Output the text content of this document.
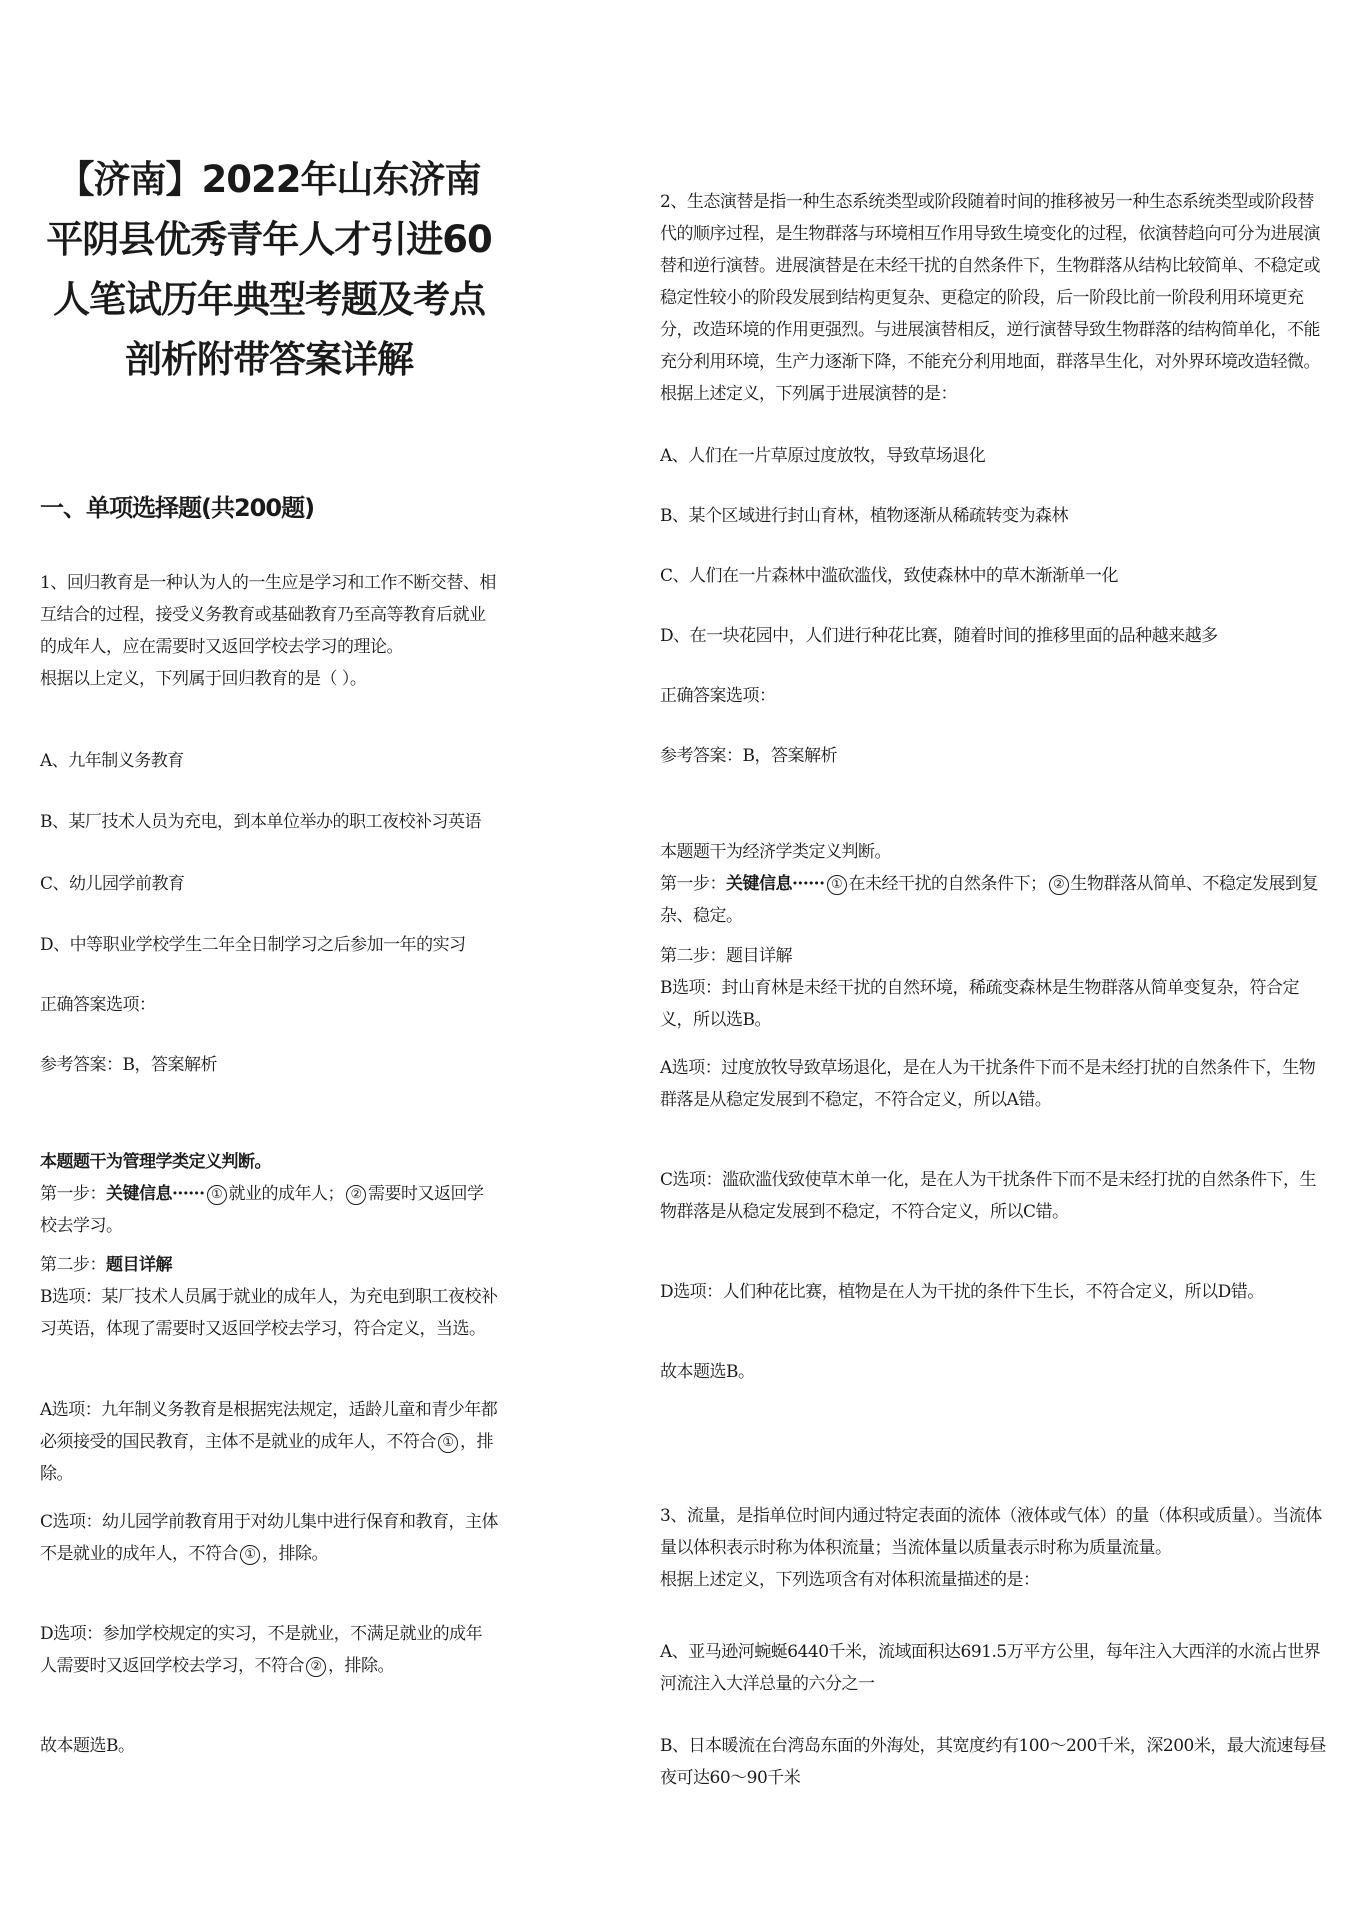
【济南】2022年山东济南平阴县优秀青年人才引进60人笔试历年典型考题及考点剖析附带答案详解
一、单项选择题(共200题)
1、回归教育是一种认为人的一生应是学习和工作不断交替、相互结合的过程，接受义务教育或基础教育乃至高等教育后就业的成年人，应在需要时又返回学校去学习的理论。
根据以上定义，下列属于回归教育的是（ ）。
A、九年制义务教育
B、某厂技术人员为充电，到本单位举办的职工夜校补习英语
C、幼儿园学前教育
D、中等职业学校学生二年全日制学习之后参加一年的实习
正确答案选项：
参考答案：B，答案解析
本题题干为管理学类定义判断。
第一步：关键信息······ ① 就业的成年人； ② 需要时又返回学校去学习。
第二步：题目详解
B选项：某厂技术人员属于就业的成年人，为充电到职工夜校补习英语，体现了需要时又返回学校去学习，符合定义，当选。
A选项：九年制义务教育是根据宪法规定，适龄儿童和青少年都必须接受的国民教育，主体不是就业的成年人，不符合 ① ，排除。
C选项：幼儿园学前教育用于对幼儿集中进行保育和教育，主体不是就业的成年人，不符合 ① ，排除。
D选项：参加学校规定的实习，不是就业，不满足就业的成年人需要时又返回学校去学习，不符合 ② ，排除。
故本题选B。
2、生态演替是指一种生态系统类型或阶段随着时间的推移被另一种生态系统类型或阶段替代的顺序过程，是生物群落与环境相互作用导致生境变化的过程，依演替趋向可分为进展演替和逆行演替。进展演替是在未经干扰的自然条件下，生物群落从结构比较简单、不稳定或稳定性较小的阶段发展到结构更复杂、更稳定的阶段，后一阶段比前一阶段利用环境更充分，改造环境的作用更强烈。与进展演替相反，逆行演替导致生物群落的结构简单化，不能充分利用环境，生产力逐渐下降，不能充分利用地面，群落旱生化，对外界环境改造轻微。
根据上述定义，下列属于进展演替的是：
A、人们在一片草原过度放牧，导致草场退化
B、某个区域进行封山育林，植物逐渐从稀疏转变为森林
C、人们在一片森林中滥砍滥伐，致使森林中的草木渐渐单一化
D、在一块花园中，人们进行种花比赛，随着时间的推移里面的品种越来越多
正确答案选项：
参考答案：B，答案解析
本题题干为经济学类定义判断。
第一步：关键信息······ ① 在未经干扰的自然条件下； ② 生物群落从简单、不稳定发展到复杂、稳定。
第二步：题目详解
B选项：封山育林是未经干扰的自然环境，稀疏变森林是生物群落从简单变复杂，符合定义，所以选B。
A选项：过度放牧导致草场退化，是在人为干扰条件下而不是未经打扰的自然条件下，生物群落是从稳定发展到不稳定，不符合定义，所以A错。
C选项：滥砍滥伐致使草木单一化，是在人为干扰条件下而不是未经打扰的自然条件下，生物群落是从稳定发展到不稳定，不符合定义，所以C错。
D选项：人们种花比赛，植物是在人为干扰的条件下生长，不符合定义，所以D错。
故本题选B。
3、流量，是指单位时间内通过特定表面的流体（液体或气体）的量（体积或质量）。当流体量以体积表示时称为体积流量；当流体量以质量表示时称为质量流量。
根据上述定义，下列选项含有对体积流量描述的是：
A、亚马逊河蜿蜒6440千米，流域面积达691.5万平方公里，每年注入大西洋的水流占世界河流注入大洋总量的六分之一
B、日本暖流在台湾岛东面的外海处，其宽度约有100～200千米，深200米，最大流速每昼夜可达60～90千米
